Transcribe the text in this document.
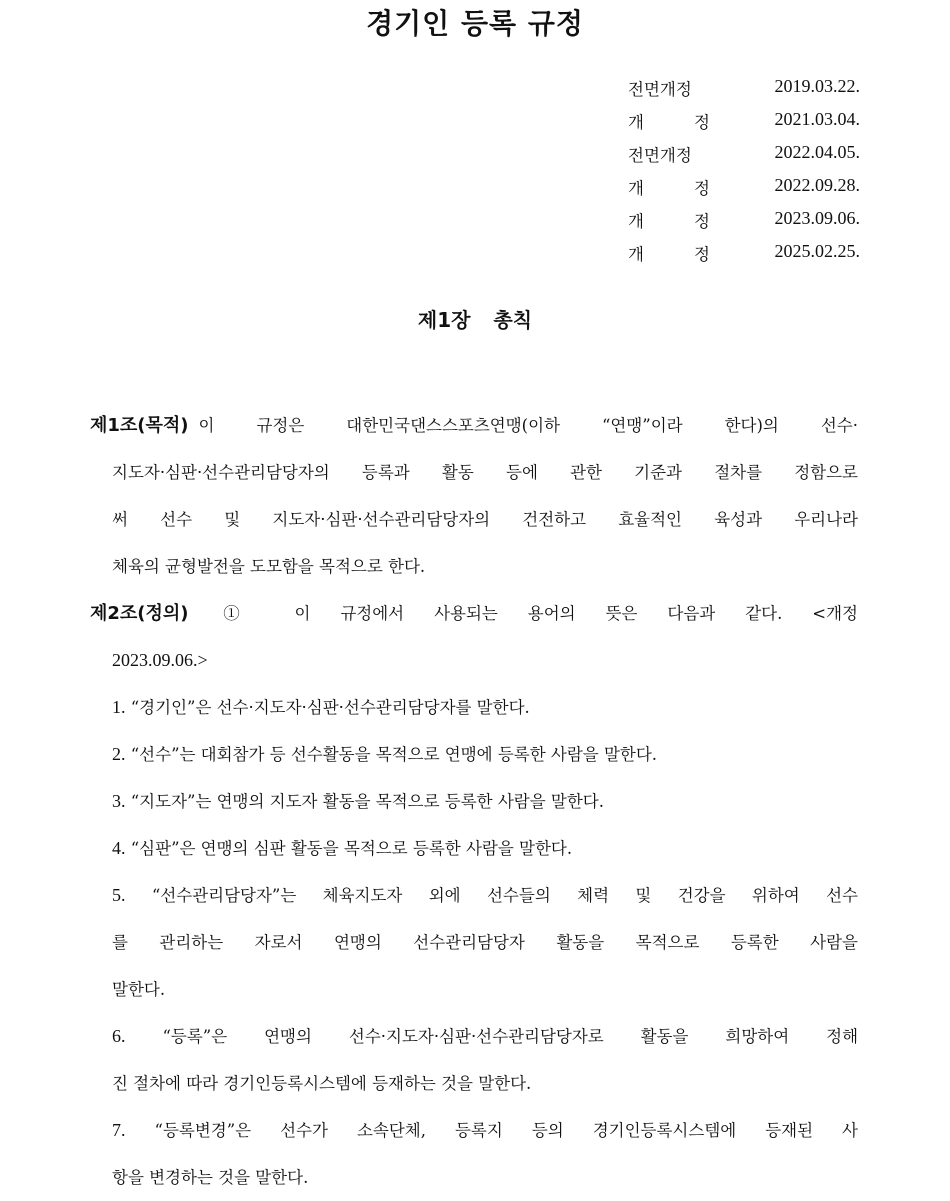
경기인 등록 규정
전면개정	2019.03.22.
개	정	2021.03.04.
전면개정	2022.04.05.
개	정	2022.09.28.
개	정	2023.09.06.
개	정	2025.02.25.
제1장 총칙
제1조(목적) 이 규정은 대한민국댄스스포츠연맹(이하 “연맹”이라 한다)의 선수·
지도자·심판·선수관리담당자의 등록과 활동 등에 관한 기준과 절차를 정함으로
써 선수 및 지도자·심판·선수관리담당자의 건전하고 효율적인 육성과 우리나라
체육의 균형발전을 도모함을 목적으로 한다.
제2조(정의) ① 이 규정에서 사용되는 용어의 뜻은 다음과 같다. <개정
2023.09.06.>
1. “경기인”은 선수·지도자·심판·선수관리담당자를 말한다.
2. “선수”는 대회참가 등 선수활동을 목적으로 연맹에 등록한 사람을 말한다.
3. “지도자”는 연맹의 지도자 활동을 목적으로 등록한 사람을 말한다.
4. “심판”은 연맹의 심판 활동을 목적으로 등록한 사람을 말한다.
5. “선수관리담당자”는 체육지도자 외에 선수들의 체력 및 건강을 위하여 선수
를 관리하는 자로서 연맹의 선수관리담당자 활동을 목적으로 등록한 사람을
말한다.
6. “등록”은 연맹의 선수·지도자·심판·선수관리담당자로 활동을 희망하여 정해
진 절차에 따라 경기인등록시스템에 등재하는 것을 말한다.
7. “등록변경”은 선수가 소속단체, 등록지 등의 경기인등록시스템에 등재된 사
항을 변경하는 것을 말한다.
